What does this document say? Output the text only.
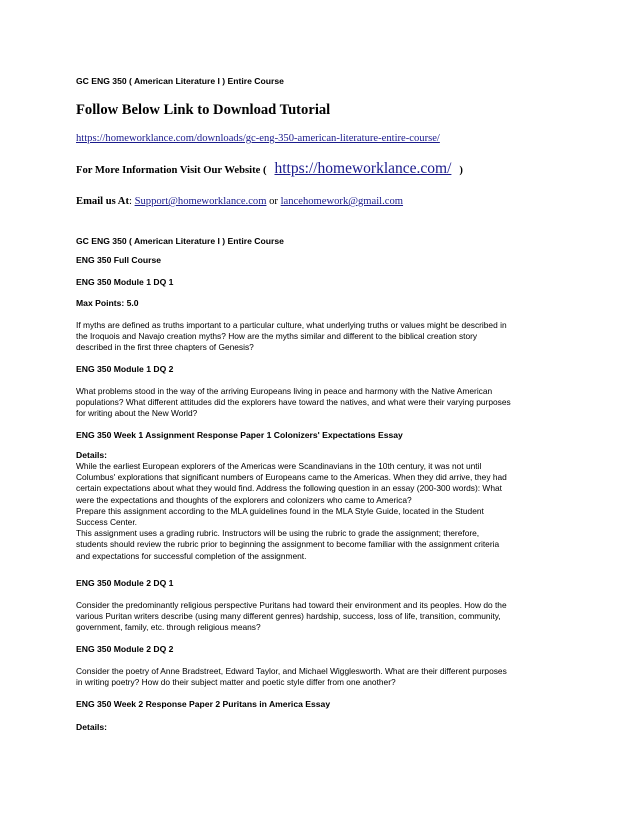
GC ENG 350 ( American Literature I ) Entire Course
Follow Below Link to Download Tutorial
https://homeworklance.com/downloads/gc-eng-350-american-literature-entire-course/
For More Information Visit Our Website ( https://homeworklance.com/ )
Email us At: Support@homeworklance.com or lancehomework@gmail.com
GC ENG 350 ( American Literature I ) Entire Course
ENG 350 Full Course
ENG 350 Module 1 DQ 1
Max Points: 5.0
If myths are defined as truths important to a particular culture, what underlying truths or values might be described in
the Iroquois and Navajo creation myths? How are the myths similar and different to the biblical creation story
described in the first three chapters of Genesis?
ENG 350 Module 1 DQ 2
What problems stood in the way of the arriving Europeans living in peace and harmony with the Native American
populations? What different attitudes did the explorers have toward the natives, and what were their varying purposes
for writing about the New World?
ENG 350 Week 1 Assignment Response Paper 1 Colonizers' Expectations Essay
Details:
While the earliest European explorers of the Americas were Scandinavians in the 10th century, it was not until
Columbus' explorations that significant numbers of Europeans came to the Americas. When they did arrive, they had
certain expectations about what they would find. Address the following question in an essay (200-300 words): What
were the expectations and thoughts of the explorers and colonizers who came to America?
Prepare this assignment according to the MLA guidelines found in the MLA Style Guide, located in the Student
Success Center.
This assignment uses a grading rubric. Instructors will be using the rubric to grade the assignment; therefore,
students should review the rubric prior to beginning the assignment to become familiar with the assignment criteria
and expectations for successful completion of the assignment.
ENG 350 Module 2 DQ 1
Consider the predominantly religious perspective Puritans had toward their environment and its peoples. How do the
various Puritan writers describe (using many different genres) hardship, success, loss of life, transition, community,
government, family, etc. through religious means?
ENG 350 Module 2 DQ 2
Consider the poetry of Anne Bradstreet, Edward Taylor, and Michael Wigglesworth. What are their different purposes
in writing poetry? How do their subject matter and poetic style differ from one another?
ENG 350 Week 2 Response Paper 2 Puritans in America Essay
Details:
